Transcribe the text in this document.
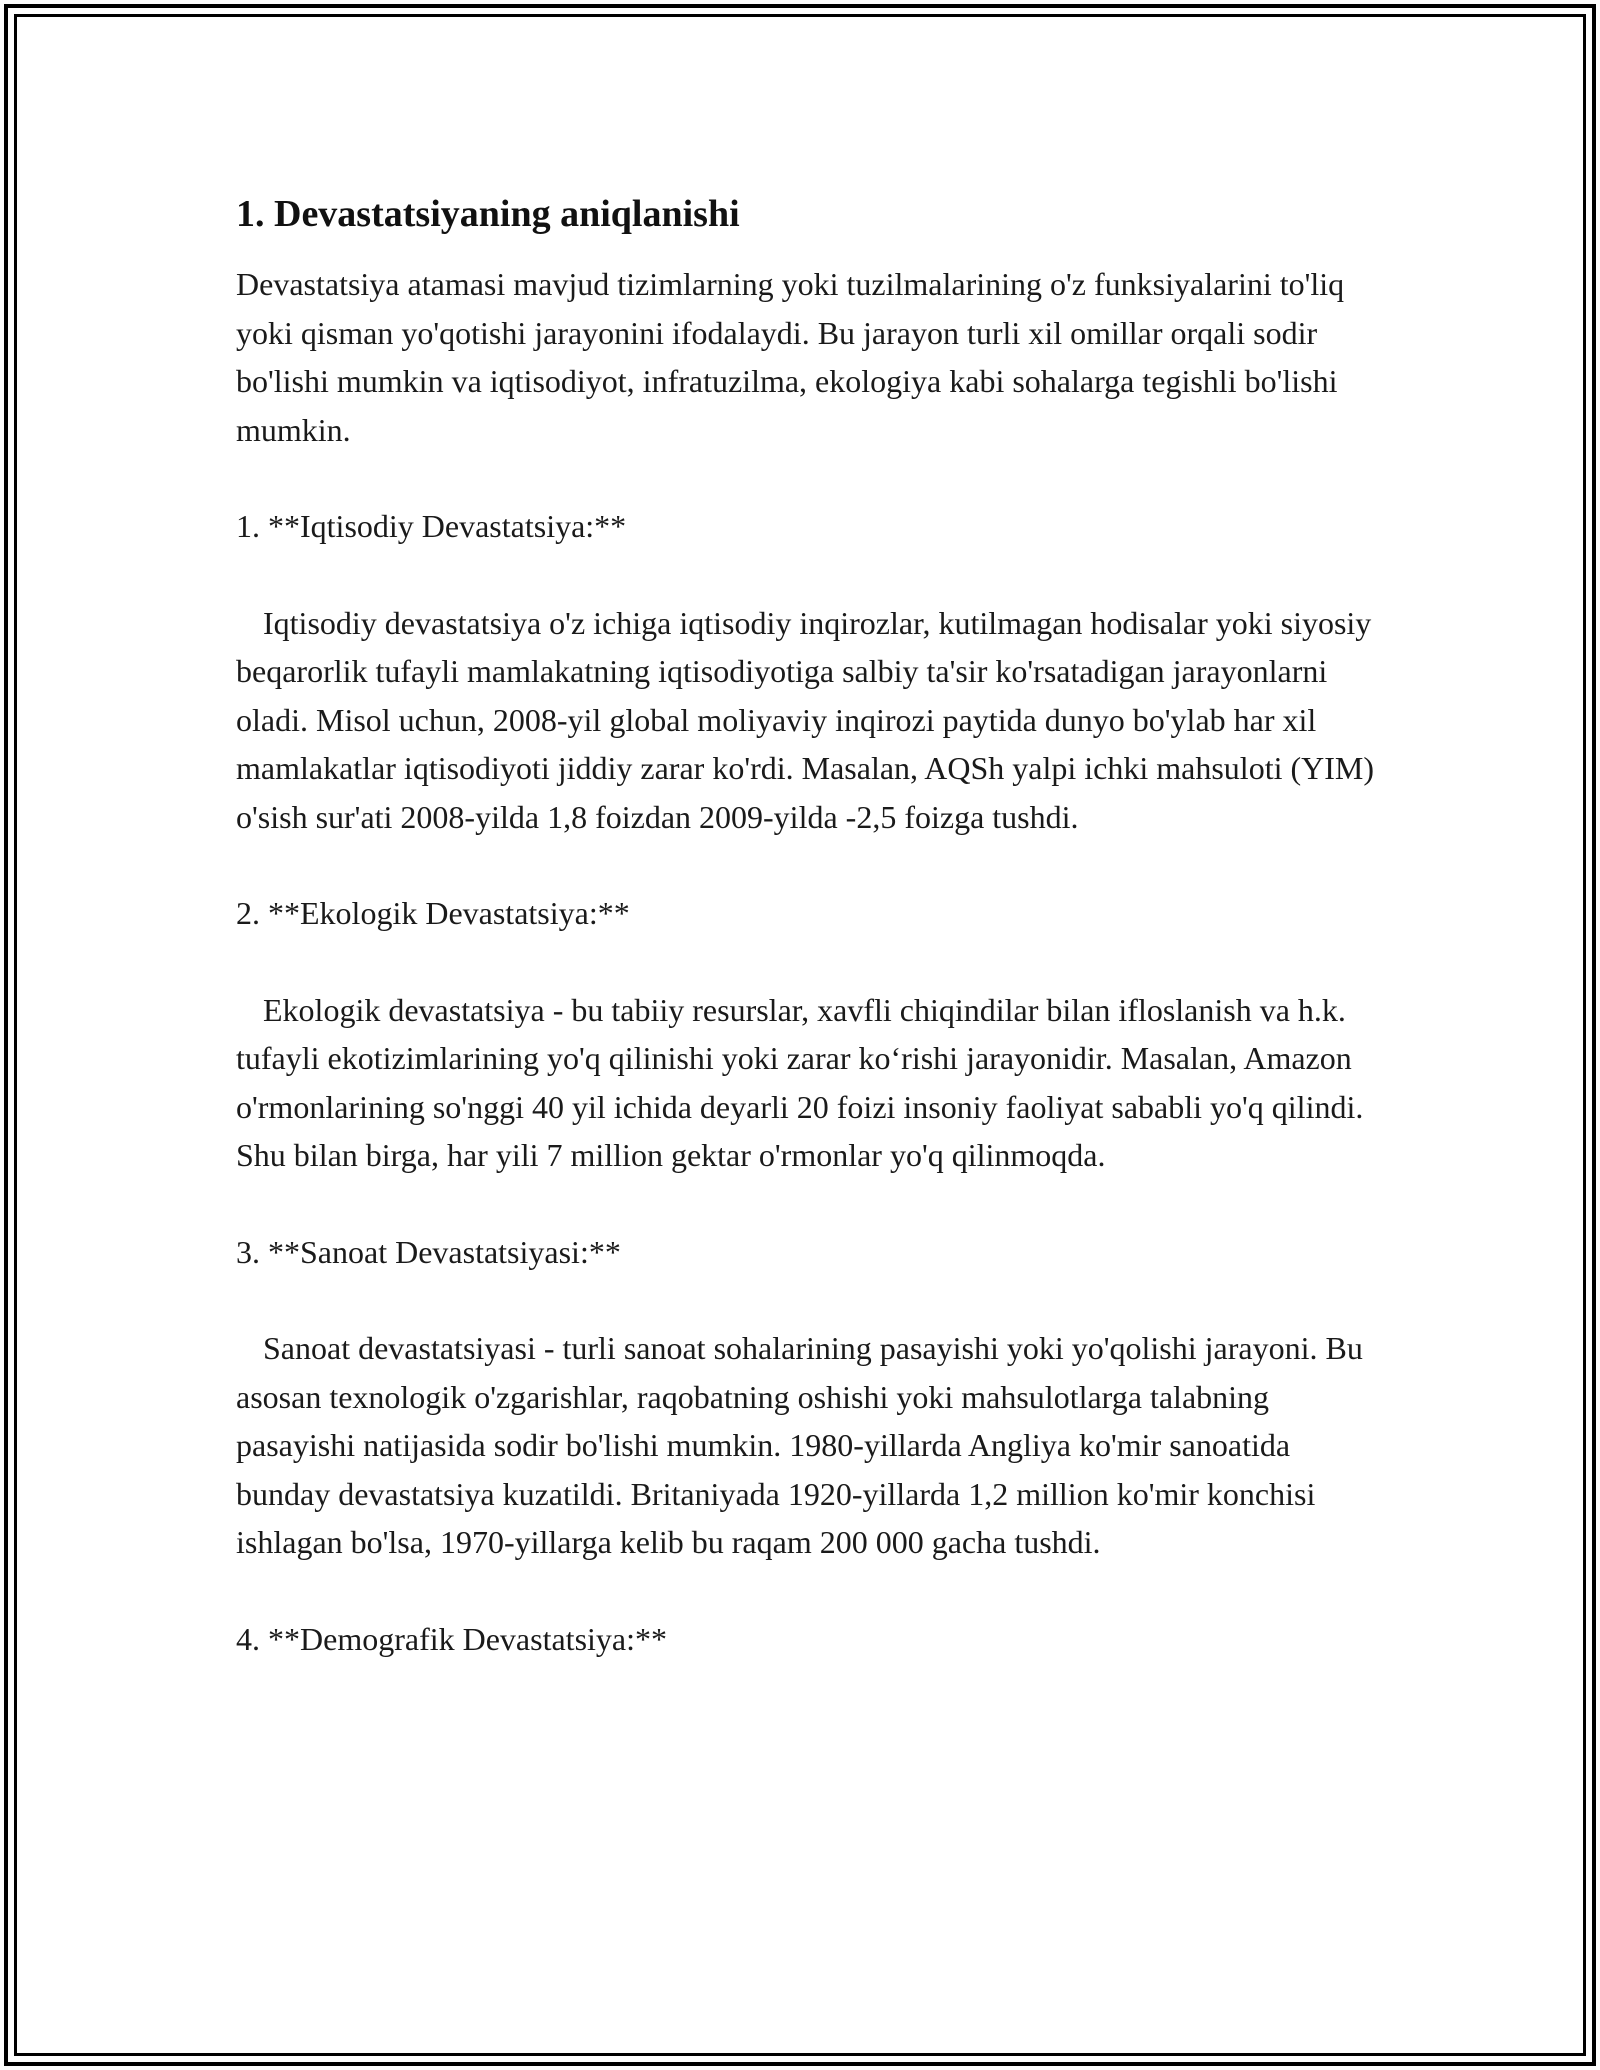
1. Devastatsiyaning aniqlanishi

Devastatsiya atamasi mavjud tizimlarning yoki tuzilmalarining o'z funksiyalarini to'liq yoki qisman yo'qotishi jarayonini ifodalaydi. Bu jarayon turli xil omillar orqali sodir bo'lishi mumkin va iqtisodiyot, infratuzilma, ekologiya kabi sohalarga tegishli bo'lishi mumkin.

1. **Iqtisodiy Devastatsiya:**

Iqtisodiy devastatsiya o'z ichiga iqtisodiy inqirozlar, kutilmagan hodisalar yoki siyosiy beqarorlik tufayli mamlakatning iqtisodiyotiga salbiy ta'sir ko'rsatadigan jarayonlarni oladi. Misol uchun, 2008-yil global moliyaviy inqirozi paytida dunyo bo'ylab har xil mamlakatlar iqtisodiyoti jiddiy zarar ko'rdi. Masalan, AQSh yalpi ichki mahsuloti (YIM) o'sish sur'ati 2008-yilda 1,8 foizdan 2009-yilda -2,5 foizga tushdi.

2. **Ekologik Devastatsiya:**

Ekologik devastatsiya - bu tabiiy resurslar, xavfli chiqindilar bilan ifloslanish va h.k. tufayli ekotizimlarining yo'q qilinishi yoki zarar ko‘rishi jarayonidir. Masalan, Amazon o'rmonlarining so'nggi 40 yil ichida deyarli 20 foizi insoniy faoliyat sababli yo'q qilindi. Shu bilan birga, har yili 7 million gektar o'rmonlar yo'q qilinmoqda.

3. **Sanoat Devastatsiyasi:**

Sanoat devastatsiyasi - turli sanoat sohalarining pasayishi yoki yo'qolishi jarayoni. Bu asosan texnologik o'zgarishlar, raqobatning oshishi yoki mahsulotlarga talabning pasayishi natijasida sodir bo'lishi mumkin. 1980-yillarda Angliya ko'mir sanoatida bunday devastatsiya kuzatildi. Britaniyada 1920-yillarda 1,2 million ko'mir konchisi ishlagan bo'lsa, 1970-yillarga kelib bu raqam 200 000 gacha tushdi.

4. **Demografik Devastatsiya:**
